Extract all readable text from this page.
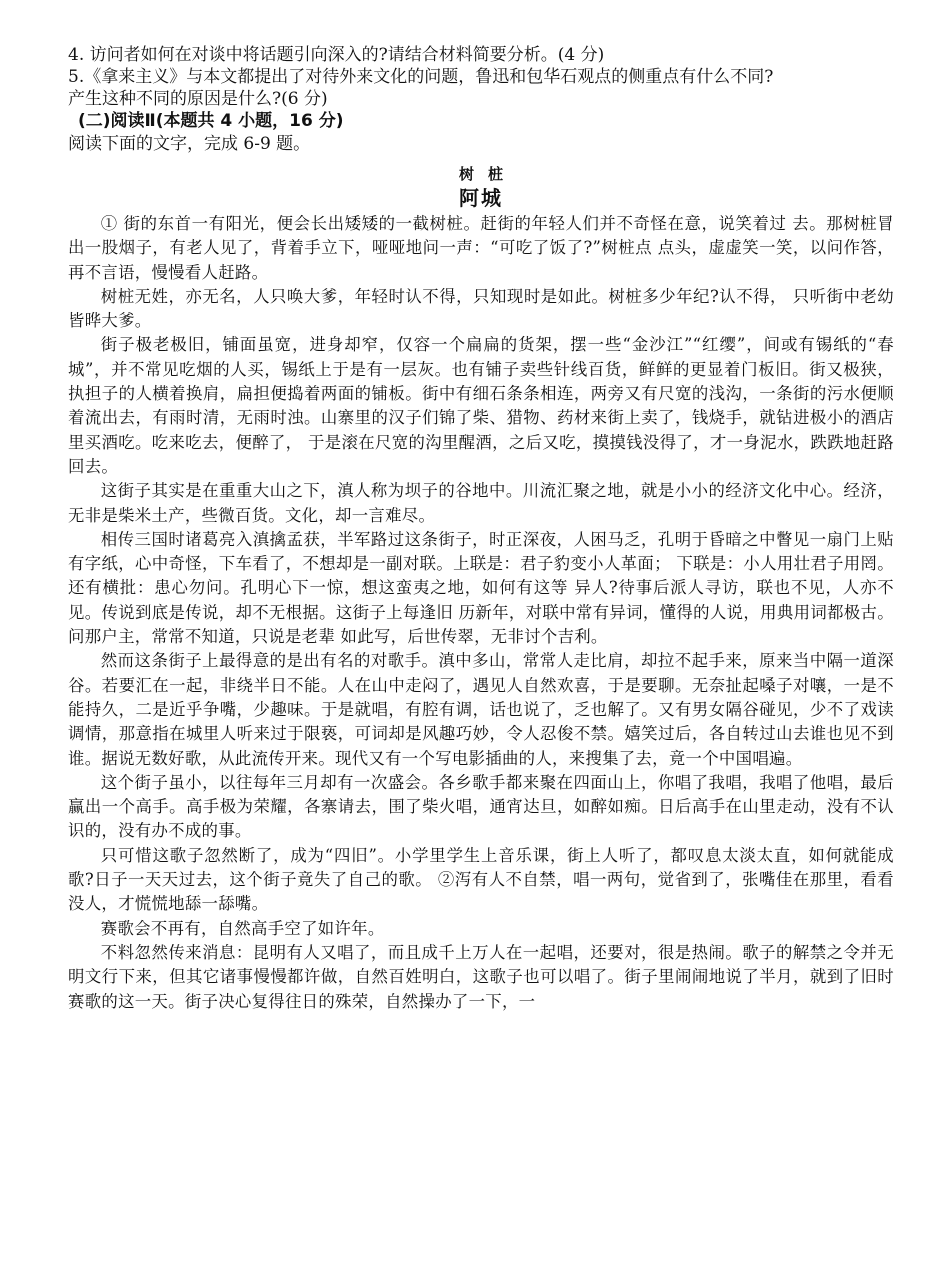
4. 访问者如何在对谈中将话题引向深入的?请结合材料简要分析。(4 分)

5.《拿来主义》与本文都提出了对待外来文化的问题，鲁迅和包华石观点的侧重点有什么不同?
产生这种不同的原因是什么?(6 分)

(二)阅读Ⅱ(本题共 4 小题，16 分)

阅读下面的文字，完成 6-9 题。

树桩

阿城

① 街的东首一有阳光，便会长出矮矮的一截树桩。赶街的年轻人们并不奇怪在意，说笑着过 去。那树桩冒出一股烟子，有老人见了，背着手立下，哑哑地问一声：“可吃了饭了?”树桩点 点头，虚虚笑一笑，以问作答，再不言语，慢慢看人赶路。

树桩无姓，亦无名，人只唤大爹，年轻时认不得，只知现时是如此。树桩多少年纪?认不得， 只听街中老幼皆晔大爹。

街子极老极旧，铺面虽宽，进身却窄，仅容一个扁扁的货架，摆一些“金沙江”“红缨”，间或有锡纸的“春城”，并不常见吃烟的人买，锡纸上于是有一层灰。也有铺子卖些针线百货，鲜鲜的更显着门板旧。街又极狭，执担子的人横着换肩，扁担便捣着两面的铺板。街中有细石条条相连，两旁又有尺宽的浅沟，一条街的污水便顺着流出去，有雨时清，无雨时浊。山寨里的汉子们锦了柴、猎物、药材来街上卖了，钱烧手，就钻进极小的酒店里买酒吃。吃来吃去，便醉了， 于是滚在尺宽的沟里醒酒，之后又吃，摸摸钱没得了，才一身泥水，跌跌地赶路回去。

这街子其实是在重重大山之下，滇人称为坝子的谷地中。川流汇聚之地，就是小小的经济文化中心。经济，无非是柴米土产，些微百货。文化，却一言难尽。

相传三国时诸葛亮入滇擒孟获，半军路过这条街子，时正深夜，人困马乏，孔明于昏暗之中瞥见一扇门上贴有字纸，心中奇怪，下车看了，不想却是一副对联。上联是：君子豹变小人革面； 下联是：小人用壮君子用罔。还有横批：患心勿问。孔明心下一惊，想这蛮夷之地，如何有这等 异人?待事后派人寻访，联也不见，人亦不见。传说到底是传说，却不无根据。这街子上每逢旧 历新年，对联中常有异词，懂得的人说，用典用词都极古。问那户主，常常不知道，只说是老辈 如此写，后世传翠，无非讨个吉利。

然而这条街子上最得意的是出有名的对歌手。滇中多山，常常人走比肩，却拉不起手来，原来当中隔一道深谷。若要汇在一起，非绕半日不能。人在山中走闷了，遇见人自然欢喜，于是要聊。无奈扯起嗓子对嚷，一是不能持久，二是近乎争嘴，少趣味。于是就唱，有腔有调，话也说了，乏也解了。又有男女隔谷碰见，少不了戏读调情，那意指在城里人听来过于限亵，可词却是风趣巧妙，令人忍俊不禁。嬉笑过后，各自转过山去谁也见不到谁。据说无数好歌，从此流传开来。现代又有一个写电影插曲的人，来搜集了去，竟一个中国唱遍。

这个街子虽小，以往每年三月却有一次盛会。各乡歌手都来聚在四面山上，你唱了我唱，我唱了他唱，最后赢出一个高手。高手极为荣耀，各寨请去，围了柴火唱，通宵达旦，如醉如痴。日后高手在山里走动，没有不认识的，没有办不成的事。

只可惜这歌子忽然断了，成为“四旧”。小学里学生上音乐课，街上人听了，都叹息太淡太直，如何就能成歌?日子一天天过去，这个街子竟失了自己的歌。 ②泻有人不自禁，唱一两句，觉省到了，张嘴佳在那里，看看没人，才慌慌地舔一舔嘴。

赛歌会不再有，自然高手空了如许年。

不料忽然传来消息：昆明有人又唱了，而且成千上万人在一起唱，还要对，很是热闹。歌子的解禁之令并无明文行下来，但其它诸事慢慢都许做，自然百姓明白，这歌子也可以唱了。街子里闹闹地说了半月，就到了旧时赛歌的这一天。街子决心复得往日的殊荣，自然操办了一下，一
